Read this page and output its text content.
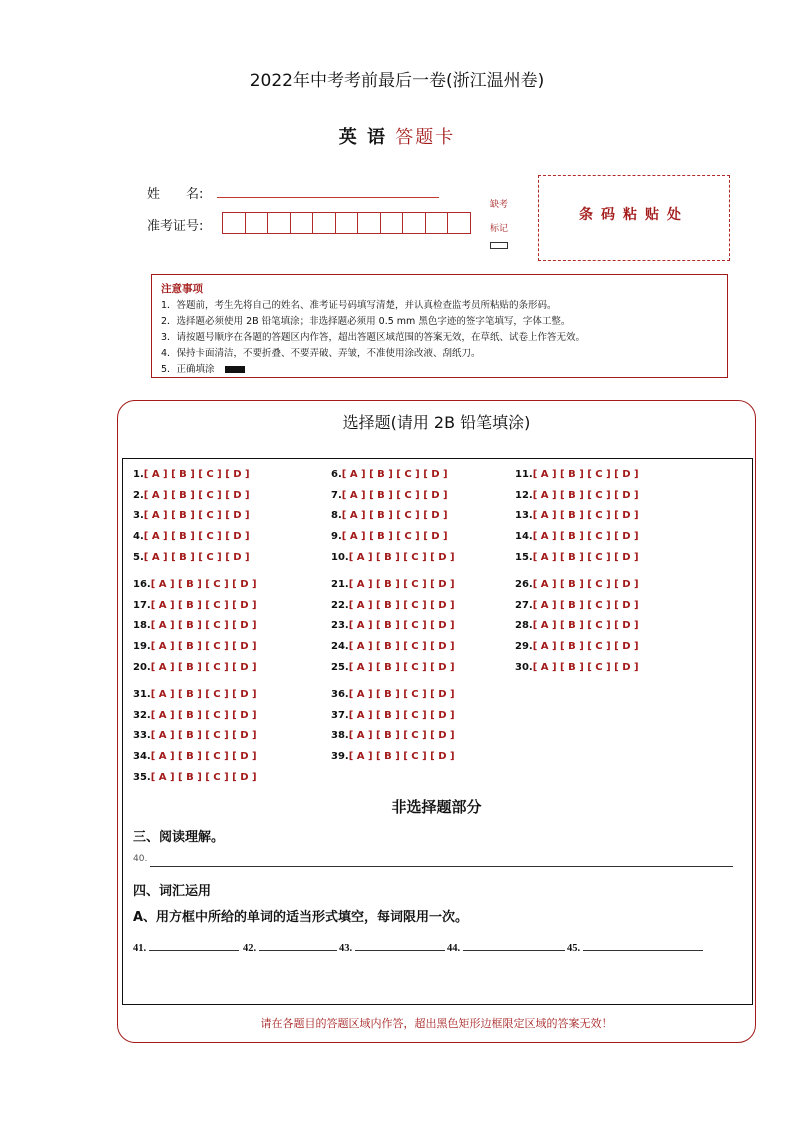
2022年中考考前最后一卷(浙江温州卷)
英 语 答题卡
姓　　名:
准考证号:
缺考
标记
条码粘贴处
注意事项
1．答题前，考生先将自己的姓名、准考证号码填写清楚，并认真检查监考员所粘贴的条形码。
2．选择题必须使用 2B 铅笔填涂；非选择题必须用 0.5 mm 黑色字迹的签字笔填写，字体工整。
3．请按题号顺序在各题的答题区内作答，超出答题区域范围的答案无效，在草纸、试卷上作答无效。
4．保持卡面清洁，不要折叠、不要弄破、弄皱，不准使用涂改液、刮纸刀。
5．正确填涂
选择题(请用 2B 铅笔填涂)
1.[ A ] [ B ] [ C ] [ D ]
2.[ A ] [ B ] [ C ] [ D ]
3.[ A ] [ B ] [ C ] [ D ]
4.[ A ] [ B ] [ C ] [ D ]
5.[ A ] [ B ] [ C ] [ D ]
6.[ A ] [ B ] [ C ] [ D ]
7.[ A ] [ B ] [ C ] [ D ]
8.[ A ] [ B ] [ C ] [ D ]
9.[ A ] [ B ] [ C ] [ D ]
10.[ A ] [ B ] [ C ] [ D ]
11.[ A ] [ B ] [ C ] [ D ]
12.[ A ] [ B ] [ C ] [ D ]
13.[ A ] [ B ] [ C ] [ D ]
14.[ A ] [ B ] [ C ] [ D ]
15.[ A ] [ B ] [ C ] [ D ]
16.[ A ] [ B ] [ C ] [ D ]
17.[ A ] [ B ] [ C ] [ D ]
18.[ A ] [ B ] [ C ] [ D ]
19.[ A ] [ B ] [ C ] [ D ]
20.[ A ] [ B ] [ C ] [ D ]
21.[ A ] [ B ] [ C ] [ D ]
22.[ A ] [ B ] [ C ] [ D ]
23.[ A ] [ B ] [ C ] [ D ]
24.[ A ] [ B ] [ C ] [ D ]
25.[ A ] [ B ] [ C ] [ D ]
26.[ A ] [ B ] [ C ] [ D ]
27.[ A ] [ B ] [ C ] [ D ]
28.[ A ] [ B ] [ C ] [ D ]
29.[ A ] [ B ] [ C ] [ D ]
30.[ A ] [ B ] [ C ] [ D ]
31.[ A ] [ B ] [ C ] [ D ]
32.[ A ] [ B ] [ C ] [ D ]
33.[ A ] [ B ] [ C ] [ D ]
34.[ A ] [ B ] [ C ] [ D ]
35.[ A ] [ B ] [ C ] [ D ]
36.[ A ] [ B ] [ C ] [ D ]
37.[ A ] [ B ] [ C ] [ D ]
38.[ A ] [ B ] [ C ] [ D ]
39.[ A ] [ B ] [ C ] [ D ]
非选择题部分
三、阅读理解。
40.
四、词汇运用
A、用方框中所给的单词的适当形式填空，每词限用一次。
41.	42.	43.	44.	45.
请在各题目的答题区域内作答，超出黑色矩形边框限定区域的答案无效！
